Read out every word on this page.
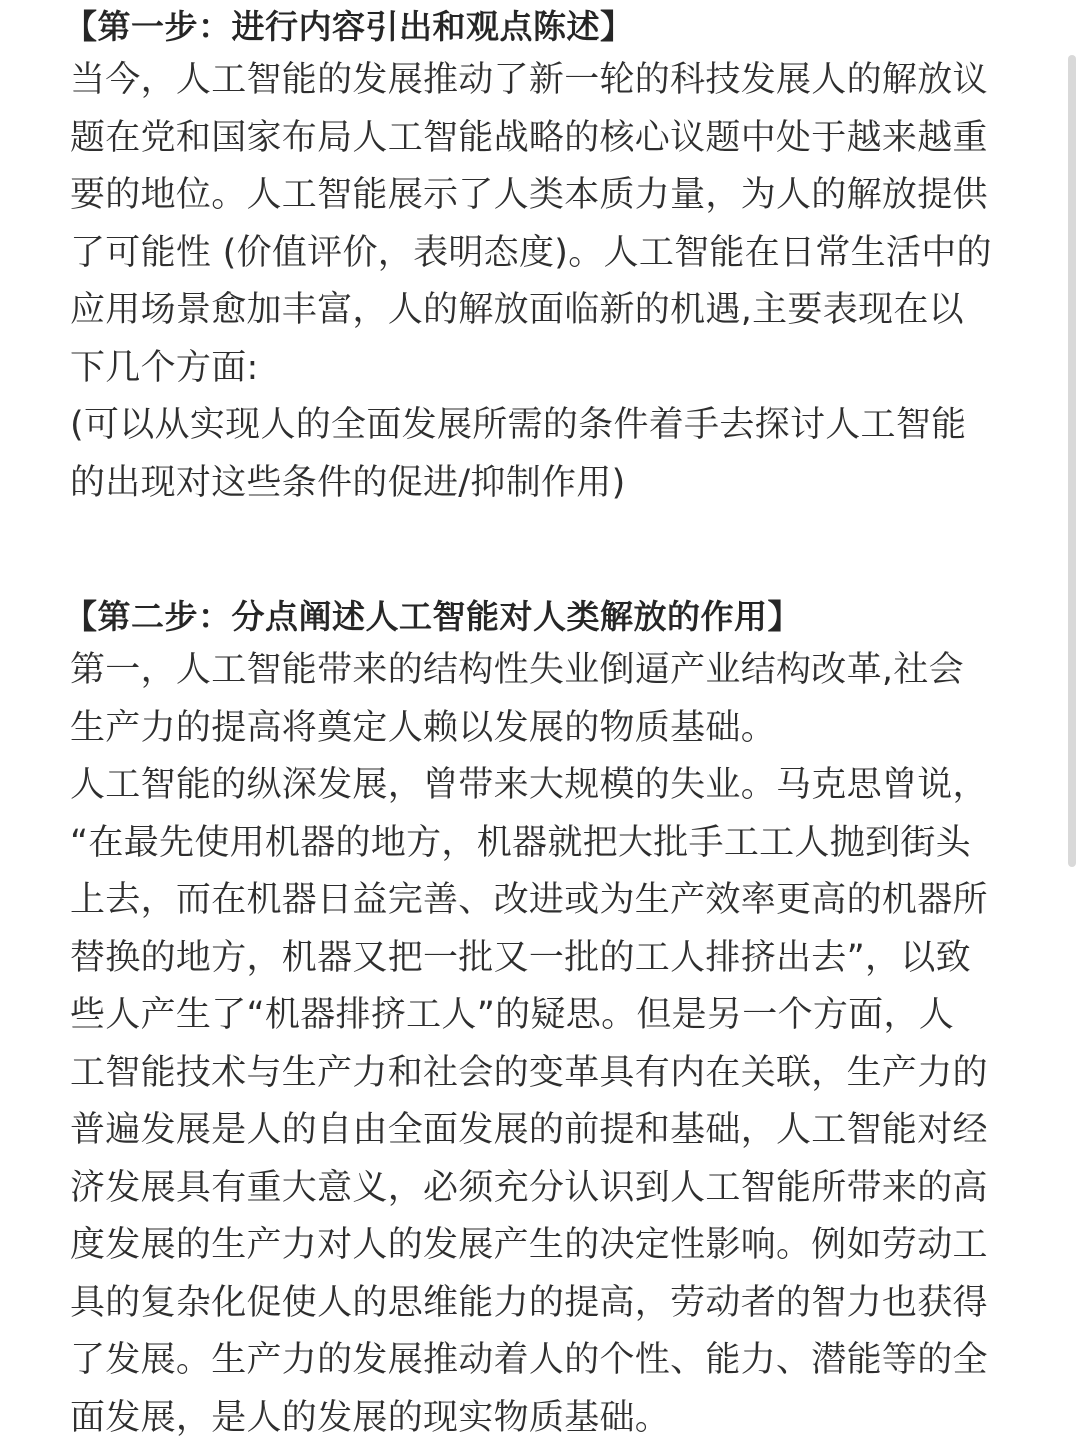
【第一步：进行内容引出和观点陈述】
当今，人工智能的发展推动了新一轮的科技发展人的解放议
题在党和国家布局人工智能战略的核心议题中处于越来越重
要的地位。人工智能展示了人类本质力量，为人的解放提供
了可能性 (价值评价，表明态度)。人工智能在日常生活中的
应用场景愈加丰富，人的解放面临新的机遇,主要表现在以
下几个方面:
(可以从实现人的全面发展所需的条件着手去探讨人工智能
的出现对这些条件的促进/抑制作用)
【第二步：分点阐述人工智能对人类解放的作用】
第一，人工智能带来的结构性失业倒逼产业结构改革,社会
生产力的提高将奠定人赖以发展的物质基础。
人工智能的纵深发展，曾带来大规模的失业。马克思曾说，
“在最先使用机器的地方，机器就把大批手工工人抛到街头
上去，而在机器日益完善、改进或为生产效率更高的机器所
替换的地方，机器又把一批又一批的工人排挤出去”，以致
些人产生了“机器排挤工人”的疑思。但是另一个方面，人
工智能技术与生产力和社会的变革具有内在关联，生产力的
普遍发展是人的自由全面发展的前提和基础，人工智能对经
济发展具有重大意义，必须充分认识到人工智能所带来的高
度发展的生产力对人的发展产生的决定性影响。例如劳动工
具的复杂化促使人的思维能力的提高，劳动者的智力也获得
了发展。生产力的发展推动着人的个性、能力、潜能等的全
面发展，是人的发展的现实物质基础。
